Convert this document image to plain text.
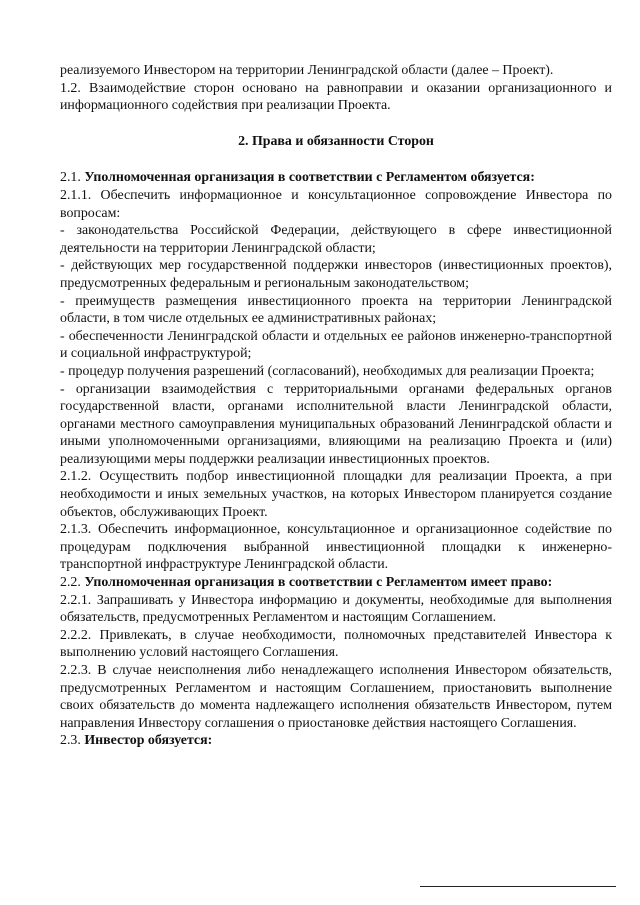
реализуемого Инвестором на территории Ленинградской области (далее – Проект).

1.2. Взаимодействие сторон основано на равноправии и оказании организационного и информационного содействия при реализации Проекта.

2. Права и обязанности Сторон

2.1. Уполномоченная организация в соответствии с Регламентом обязуется:

2.1.1. Обеспечить информационное и консультационное сопровождение Инвестора по вопросам:

- законодательства Российской Федерации, действующего в сфере инвестиционной деятельности на территории Ленинградской области;

- действующих мер государственной поддержки инвесторов (инвестиционных проектов), предусмотренных федеральным и региональным законодательством;

- преимуществ размещения инвестиционного проекта на территории Ленинградской области, в том числе отдельных ее административных районах;

- обеспеченности Ленинградской области и отдельных ее районов инженерно-транспортной и социальной инфраструктурой;

- процедур получения разрешений (согласований), необходимых для реализации Проекта;

- организации взаимодействия с территориальными органами федеральных органов государственной власти, органами исполнительной власти Ленинградской области, органами местного самоуправления муниципальных образований Ленинградской области и иными уполномоченными организациями, влияющими на реализацию Проекта и (или) реализующими меры поддержки реализации инвестиционных проектов.

2.1.2. Осуществить подбор инвестиционной площадки для реализации Проекта, а при необходимости и иных земельных участков, на которых Инвестором планируется создание объектов, обслуживающих Проект.

2.1.3. Обеспечить информационное, консультационное и организационное содействие по процедурам подключения выбранной инвестиционной площадки к инженерно-транспортной инфраструктуре Ленинградской области.

2.2. Уполномоченная организация в соответствии с Регламентом имеет право:

2.2.1. Запрашивать у Инвестора информацию и документы, необходимые для выполнения обязательств, предусмотренных Регламентом и настоящим Соглашением.

2.2.2. Привлекать, в случае необходимости, полномочных представителей Инвестора к выполнению условий настоящего Соглашения.

2.2.3. В случае неисполнения либо ненадлежащего исполнения Инвестором обязательств, предусмотренных Регламентом и настоящим Соглашением, приостановить выполнение своих обязательств до момента надлежащего исполнения обязательств Инвестором, путем направления Инвестору соглашения о приостановке действия настоящего Соглашения.

2.3. Инвестор обязуется:
